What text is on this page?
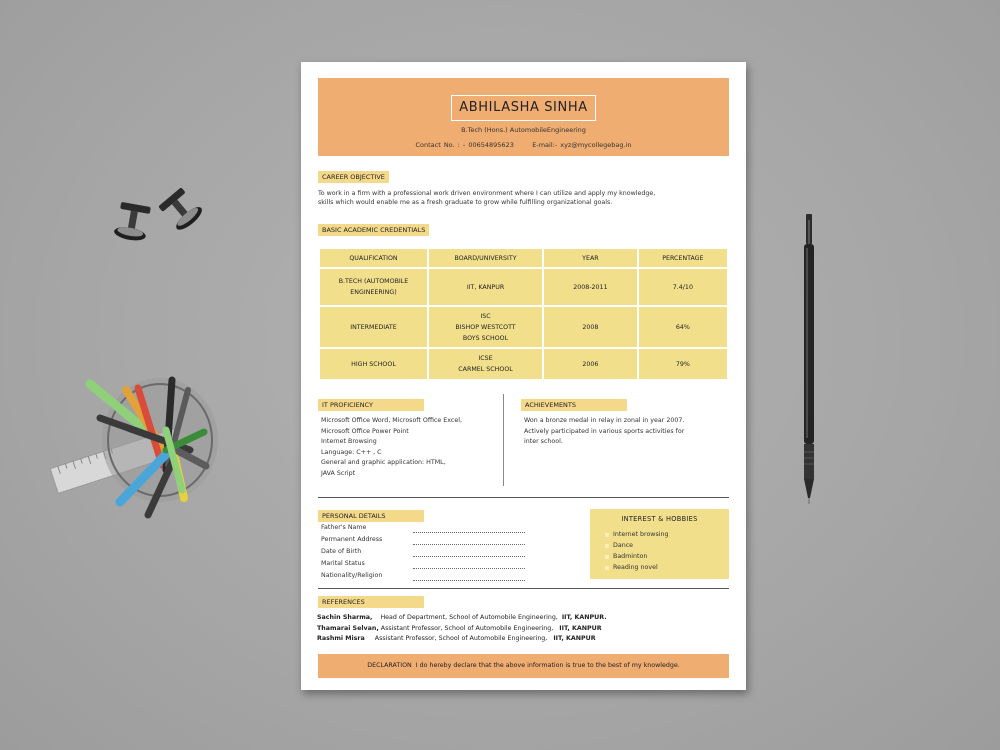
ABHILASHA SINHA
B.Tech (Hons.) AutomobileEngineering
Contact No. : - 00654895623	E-mail:- xyz@mycollegebag.in
CAREER OBJECTIVE
To work in a firm with a professional work driven environment where I can utilize and apply my knowledge,
skills which would enable me as a fresh graduate to grow while fulfilling organizational goals.
BASIC ACADEMIC CREDENTIALS
QUALIFICATION	BOARD/UNIVERSITY	YEAR	PERCENTAGE

B.TECH (AUTOMOBILE
ENGINEERING)	IIT, KANPUR	2008-2011	7.4/10

INTERMEDIATE	ISC
BISHOP WESTCOTT
BOYS SCHOOL	2008	64%

HIGH SCHOOL	ICSE
CARMEL SCHOOL	2006	79%
IT PROFICIENCY
Microsoft Office Word, Microsoft Office Excel,
Microsoft Office Power Point
Internet Browsing
Language: C++ , C
General and graphic application: HTML,
JAVA Script
ACHIEVEMENTS
Won a bronze medal in relay in zonal in year 2007.
Actively participated in various sports activities for
inter school.
PERSONAL DETAILS
Father's Name
Permanent Address
Date of Birth
Marital Status
Nationality/Religion
INTEREST & HOBBIES
Internet browsing
Dance
Badminton
Reading novel
REFERENCES
Sachin Sharma, Head of Department, School of Automobile Engineering, IIT, KANPUR.
Thamarai Selvan, Assistant Professor, School of Automobile Engineering, IIT, KANPUR
Rashmi Misra Assistant Professor, School of Automobile Engineering, IIT, KANPUR
DECLARATION I do hereby declare that the above information is true to the best of my knowledge.
